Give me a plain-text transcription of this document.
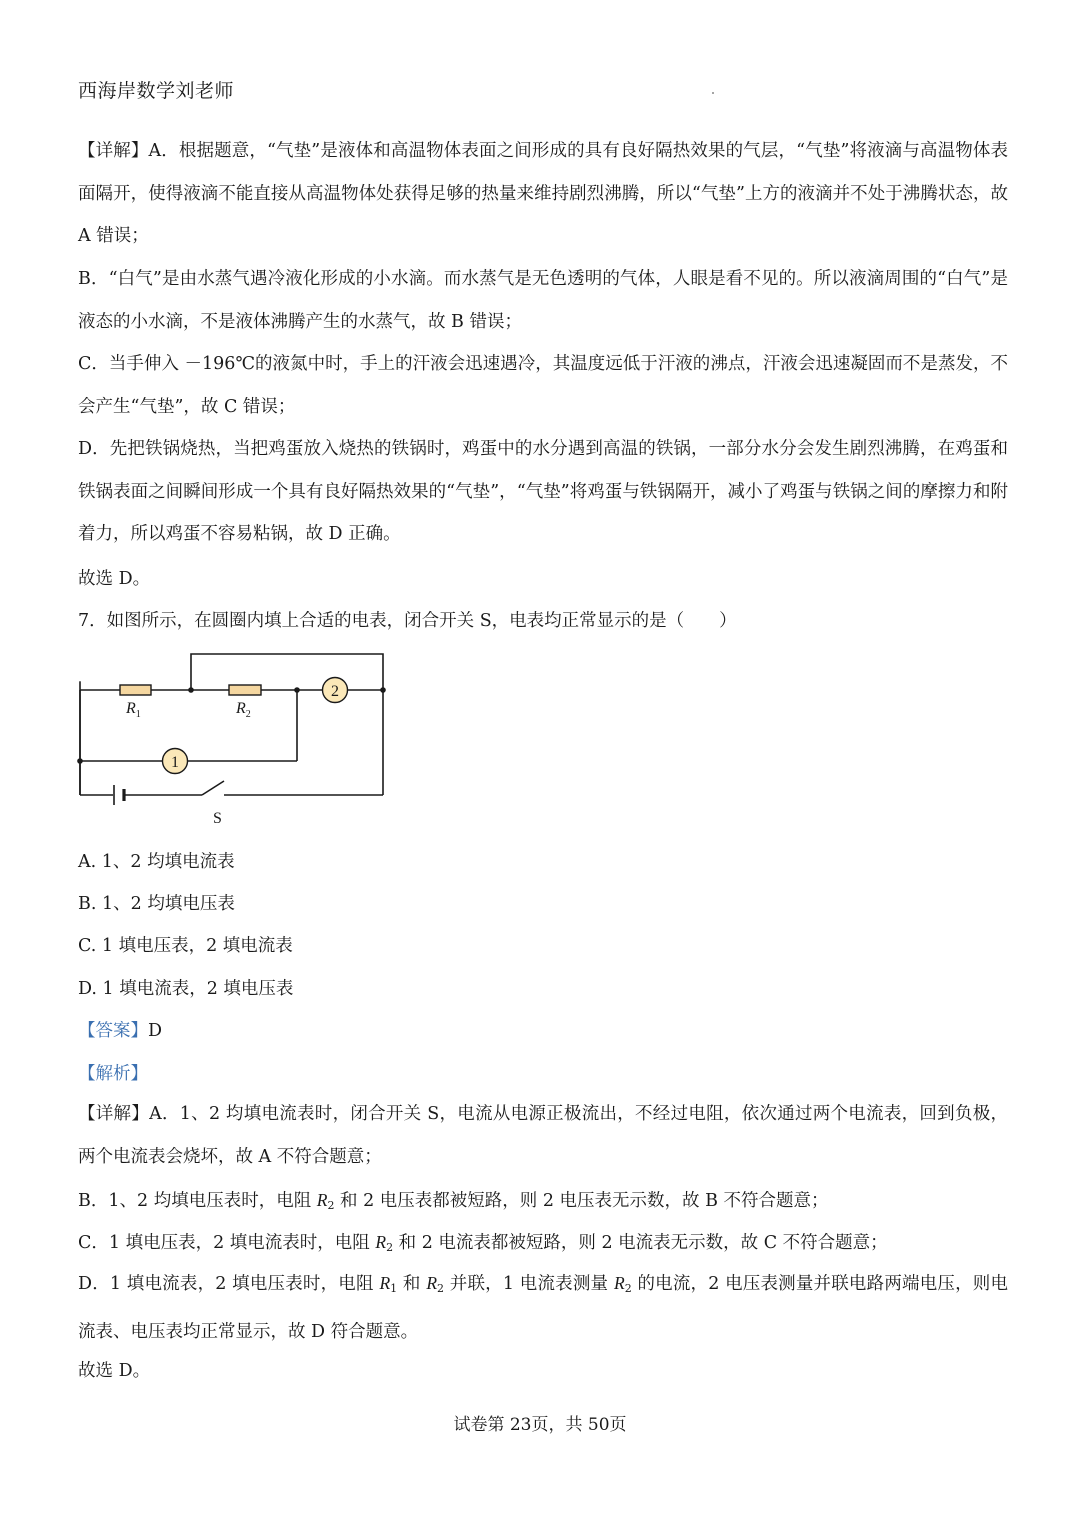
西海岸数学刘老师
【详解】A．根据题意，“气垫”是液体和高温物体表面之间形成的具有良好隔热效果的气层，“气垫”将液滴与高温物体表面隔开，使得液滴不能直接从高温物体处获得足够的热量来维持剧烈沸腾，所以“气垫”上方的液滴并不处于沸腾状态，故 A 错误；
B．“白气”是由水蒸气遇冷液化形成的小水滴。而水蒸气是无色透明的气体，人眼是看不见的。所以液滴周围的“白气”是液态的小水滴，不是液体沸腾产生的水蒸气，故 B 错误；
C．当手伸入 －196℃的液氮中时，手上的汗液会迅速遇冷，其温度远低于汗液的沸点，汗液会迅速凝固而不是蒸发，不会产生“气垫”，故 C 错误；
D．先把铁锅烧热，当把鸡蛋放入烧热的铁锅时，鸡蛋中的水分遇到高温的铁锅，一部分水分会发生剧烈沸腾，在鸡蛋和铁锅表面之间瞬间形成一个具有良好隔热效果的“气垫”，“气垫”将鸡蛋与铁锅隔开，减小了鸡蛋与铁锅之间的摩擦力和附着力，所以鸡蛋不容易粘锅，故 D 正确。
故选 D。
7．如图所示，在圆圈内填上合适的电表，闭合开关 S，电表均正常显示的是（　　）
2
1
$R_1$	$R_2$
S
A. 1、2 均填电流表
B. 1、2 均填电压表
C. 1 填电压表，2 填电流表
D. 1 填电流表，2 填电压表
【答案】D
【解析】
【详解】A．1、2 均填电流表时，闭合开关 S，电流从电源正极流出，不经过电阻，依次通过两个电流表，回到负极，两个电流表会烧坏，故 A 不符合题意；
B．1、2 均填电压表时，电阻 $R_2$ 和 2 电压表都被短路，则 2 电压表无示数，故 B 不符合题意；
C．1 填电压表，2 填电流表时，电阻 $R_2$ 和 2 电流表都被短路，则 2 电流表无示数，故 C 不符合题意；
D．1 填电流表，2 填电压表时，电阻 $R_1$ 和 $R_2$ 并联，1 电流表测量 $R_2$ 的电流，2 电压表测量并联电路两端电压，则电流表、电压表均正常显示，故 D 符合题意。
故选 D。
试卷第 23页，共 50页
